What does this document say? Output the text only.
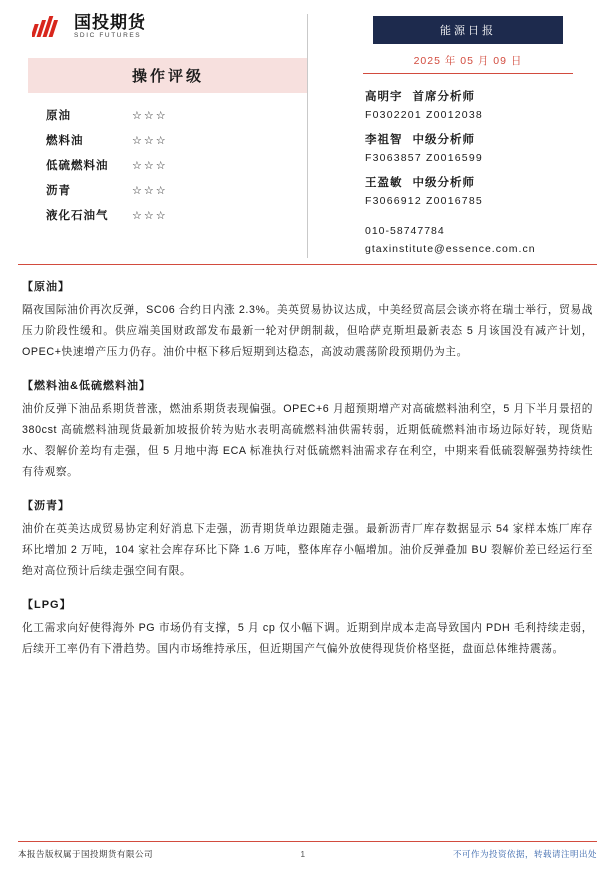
国投期货
SDIC FUTURES
操作评级
原油	☆☆☆
燃料油	☆☆☆
低硫燃料油	☆☆☆
沥青	☆☆☆
液化石油气	☆☆☆
能源日报
2025 年 05 月 09 日
高明宇 首席分析师
F0302201 Z0012038
李祖智 中级分析师
F3063857 Z0016599
王盈敏 中级分析师
F3066912 Z0016785
010-58747784
gtaxinstitute@essence.com.cn
【原油】
隔夜国际油价再次反弹，SC06 合约日内涨 2.3%。美英贸易协议达成，中美经贸高层会谈亦将在瑞士举行，贸易战压力阶段性缓和。供应端美国财政部发布最新一轮对伊朗制裁，但哈萨克斯坦最新表态 5 月该国没有减产计划，OPEC+快速增产压力仍存。油价中枢下移后短期到达稳态，高波动震荡阶段预期仍为主。
【燃料油&低硫燃料油】
油价反弹下油品系期货普涨，燃油系期货表现偏强。OPEC+6 月超预期增产对高硫燃料油利空，5 月下半月景招的 380cst 高硫燃料油现货最新加坡报价转为贴水表明高硫燃料油供需转弱，近期低硫燃料油市场边际好转，现货贴水、裂解价差均有走强，但 5 月地中海 ECA 标准执行对低硫燃料油需求存在利空，中期来看低硫裂解强势持续性有待观察。
【沥青】
油价在英美达成贸易协定利好消息下走强，沥青期货单边跟随走强。最新沥青厂库存数据显示 54 家样本炼厂库存环比增加 2 万吨，104 家社会库存环比下降 1.6 万吨，整体库存小幅增加。油价反弹叠加 BU 裂解价差已经运行至绝对高位预计后续走强空间有限。
【LPG】
化工需求向好使得海外 PG 市场仍有支撑，5 月 cp 仅小幅下调。近期到岸成本走高导致国内 PDH 毛利持续走弱，后续开工率仍有下滑趋势。国内市场维持承压，但近期国产气偏外放使得现货价格坚挺，盘面总体维持震荡。
本报告版权属于国投期货有限公司	1	不可作为投资依据，转载请注明出处
